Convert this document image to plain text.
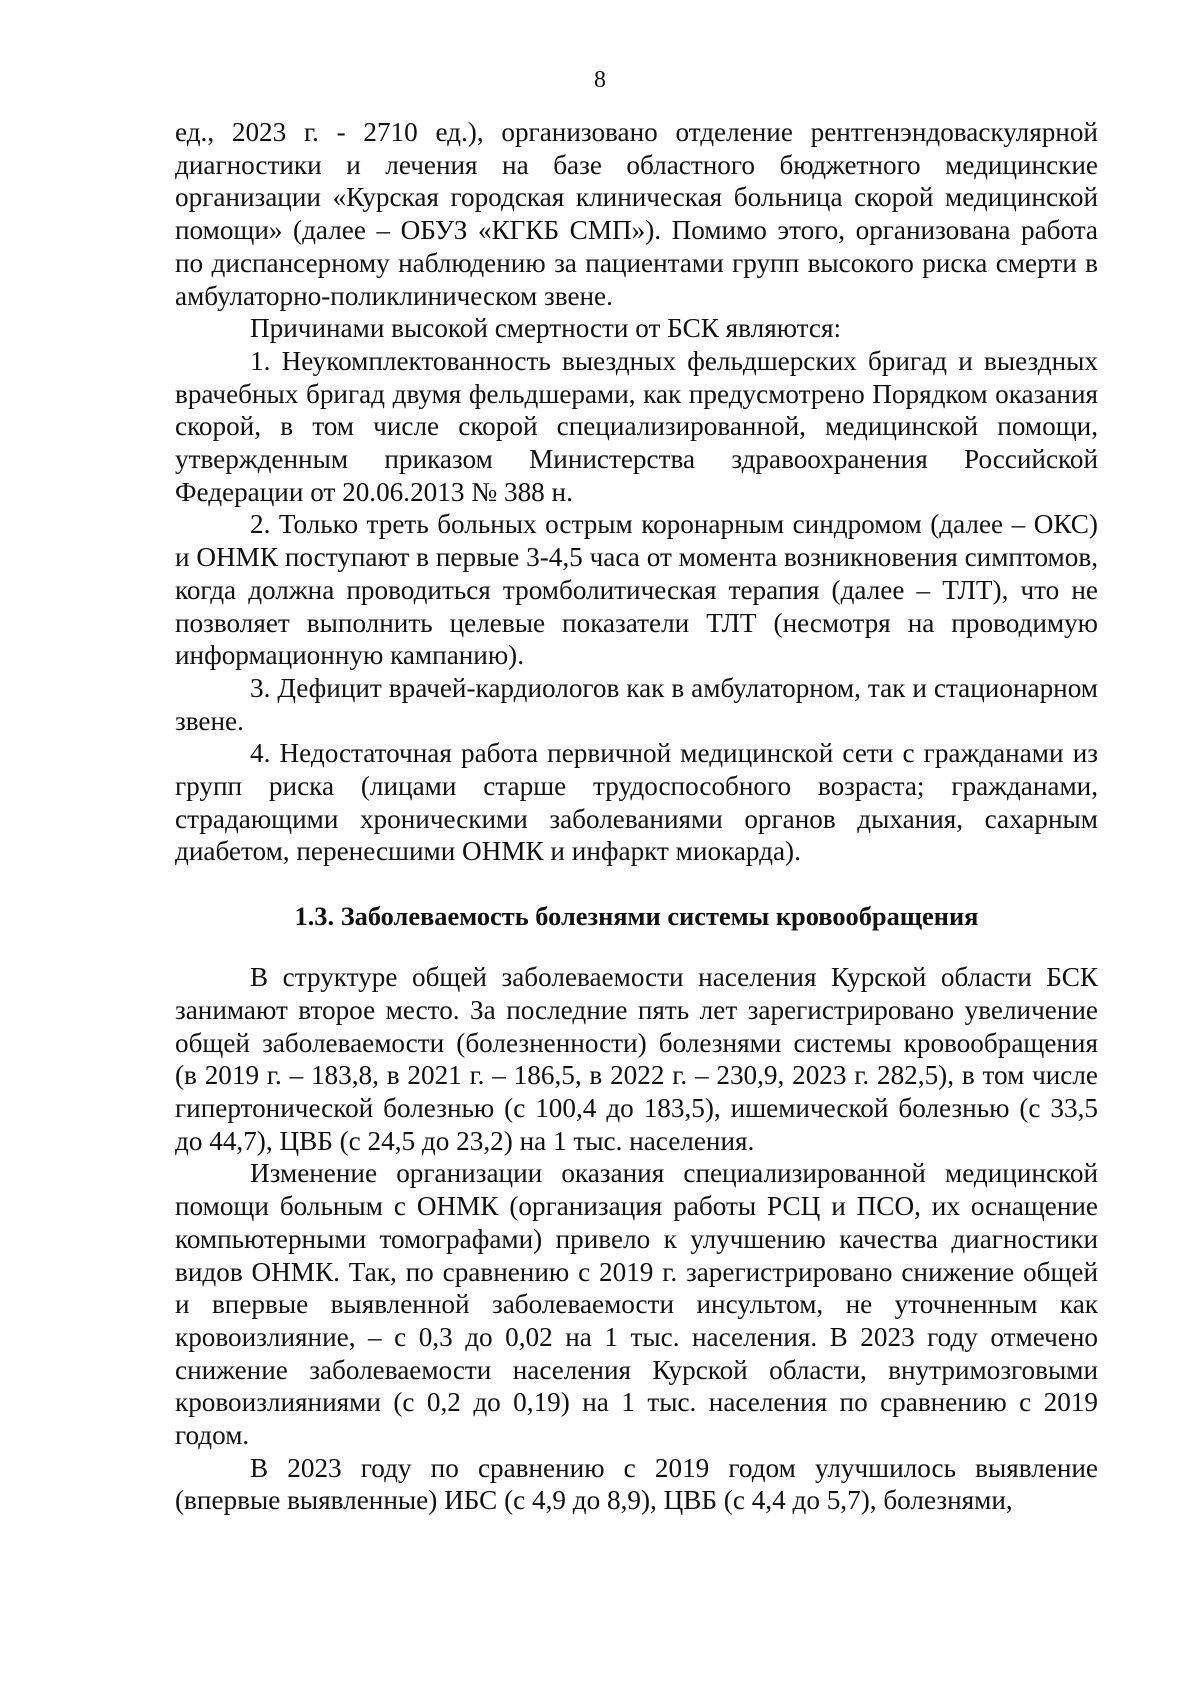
8

ед., 2023 г. - 2710 ед.), организовано отделение рентгенэндоваскулярной диагностики и лечения на базе областного бюджетного медицинские организации «Курская городская клиническая больница скорой медицинской помощи» (далее – ОБУЗ «КГКБ СМП»). Помимо этого, организована работа по диспансерному наблюдению за пациентами групп высокого риска смерти в амбулаторно-поликлиническом звене.

Причинами высокой смертности от БСК являются:

1. Неукомплектованность выездных фельдшерских бригад и выездных врачебных бригад двумя фельдшерами, как предусмотрено Порядком оказания скорой, в том числе скорой специализированной, медицинской помощи, утвержденным приказом Министерства здравоохранения Российской Федерации от 20.06.2013 № 388 н.

2. Только треть больных острым коронарным синдромом (далее – ОКС) и ОНМК поступают в первые 3-4,5 часа от момента возникновения симптомов, когда должна проводиться тромболитическая терапия (далее – ТЛТ), что не позволяет выполнить целевые показатели ТЛТ (несмотря на проводимую информационную кампанию).

3. Дефицит врачей-кардиологов как в амбулаторном, так и стационарном звене.

4. Недостаточная работа первичной медицинской сети с гражданами из групп риска (лицами старше трудоспособного возраста; гражданами, страдающими хроническими заболеваниями органов дыхания, сахарным диабетом, перенесшими ОНМК и инфаркт миокарда).

1.3. Заболеваемость болезнями системы кровообращения

В структуре общей заболеваемости населения Курской области БСК занимают второе место. За последние пять лет зарегистрировано увеличение общей заболеваемости (болезненности) болезнями системы кровообращения (в 2019 г. – 183,8, в 2021 г. – 186,5, в 2022 г. – 230,9, 2023 г. 282,5), в том числе гипертонической болезнью (с 100,4 до 183,5), ишемической болезнью (с 33,5 до 44,7), ЦВБ (с 24,5 до 23,2) на 1 тыс. населения.

Изменение организации оказания специализированной медицинской помощи больным с ОНМК (организация работы РСЦ и ПСО, их оснащение компьютерными томографами) привело к улучшению качества диагностики видов ОНМК. Так, по сравнению с 2019 г. зарегистрировано снижение общей и впервые выявленной заболеваемости инсультом, не уточненным как кровоизлияние, – с 0,3 до 0,02 на 1 тыс. населения. В 2023 году отмечено снижение заболеваемости населения Курской области, внутримозговыми кровоизлияниями (с 0,2 до 0,19) на 1 тыс. населения по сравнению с 2019 годом.

В 2023 году по сравнению с 2019 годом улучшилось выявление (впервые выявленные) ИБС (с 4,9 до 8,9), ЦВБ (с 4,4 до 5,7), болезнями,
